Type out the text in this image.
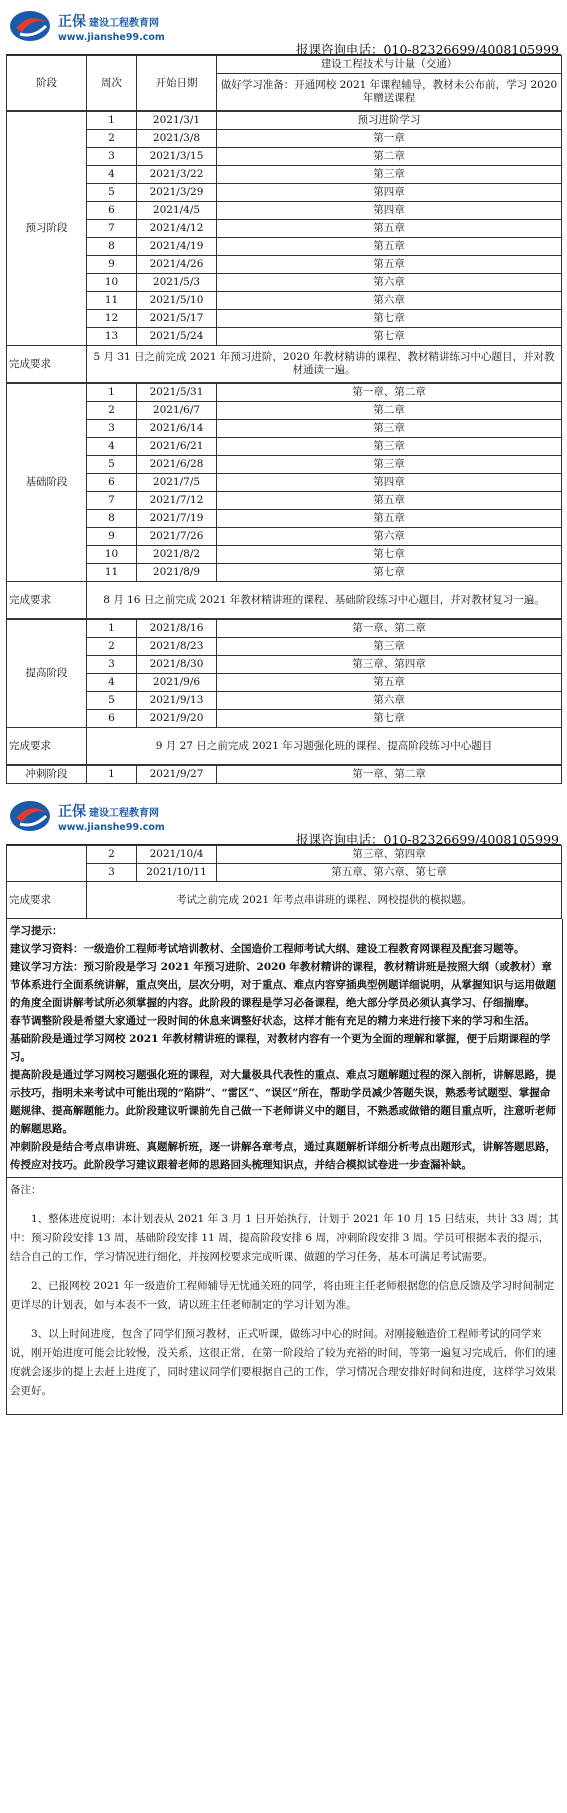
正保 建设工程教育网
www.jianshe99.com
报课咨询电话：010-82326699/4008105999
阶段	周次	开始日期	建设工程技术与计量（交通）
做好学习准备：开通网校 2021 年课程辅导，教材未公布前，学习 2020 年赠送课程
预习阶段	1	2021/3/1	预习进阶学习
	2	2021/3/8	第一章
	3	2021/3/15	第二章
	4	2021/3/22	第三章
	5	2021/3/29	第四章
	6	2021/4/5	第四章
	7	2021/4/12	第五章
	8	2021/4/19	第五章
	9	2021/4/26	第五章
	10	2021/5/3	第六章
	11	2021/5/10	第六章
	12	2021/5/17	第七章
	13	2021/5/24	第七章
完成要求	5 月 31 日之前完成 2021 年预习进阶，2020 年教材精讲的课程、教材精讲练习中心题目，并对教材通读一遍。		
基础阶段	1	2021/5/31	第一章、第二章
	2	2021/6/7	第二章
	3	2021/6/14	第三章
	4	2021/6/21	第三章
	5	2021/6/28	第三章
	6	2021/7/5	第四章
	7	2021/7/12	第五章
	8	2021/7/19	第五章
	9	2021/7/26	第六章
	10	2021/8/2	第七章
	11	2021/8/9	第七章
完成要求	8 月 16 日之前完成 2021 年教材精讲班的课程、基础阶段练习中心题目，并对教材复习一遍。		
提高阶段	1	2021/8/16	第一章、第二章
	2	2021/8/23	第三章
	3	2021/8/30	第三章、第四章
	4	2021/9/6	第五章
	5	2021/9/13	第六章
	6	2021/9/20	第七章
完成要求	9 月 27 日之前完成 2021 年习题强化班的课程、提高阶段练习中心题目		
冲刺阶段	1	2021/9/27	第一章、第二章
正保 建设工程教育网
www.jianshe99.com
报课咨询电话：010-82326699/4008105999
	2	2021/10/4	第三章、第四章
	3	2021/10/11	第五章、第六章、第七章
完成要求	考试之前完成 2021 年考点串讲班的课程、网校提供的模拟题。		

学习提示：

建议学习资料：一级造价工程师考试培训教材、全国造价工程师考试大纲、建设工程教育网课程及配套习题等。

建议学习方法：预习阶段是学习 2021 年预习进阶、2020 年教材精讲的课程，教材精讲班是按照大纲（或教材）章节体系进行全面系统讲解，重点突出，层次分明，对于重点、难点内容穿插典型例题详细说明，从掌握知识与运用做题的角度全面讲解考试所必须掌握的内容。此阶段的课程是学习必备课程，绝大部分学员必须认真学习、仔细揣摩。

春节调整阶段是希望大家通过一段时间的休息来调整好状态，这样才能有充足的精力来进行接下来的学习和生活。

基础阶段是通过学习网校 2021 年教材精讲班的课程，对教材内容有一个更为全面的理解和掌握，便于后期课程的学习。

提高阶段是通过学习网校习题强化班的课程，对大量极具代表性的重点、难点习题解题过程的深入剖析，讲解思路，提示技巧，指明未来考试中可能出现的“陷阱”、“雷区”、“误区”所在，帮助学员减少答题失误，熟悉考试题型、掌握命题规律、提高解题能力。此阶段建议听课前先自己做一下老师讲义中的题目，不熟悉或做错的题目重点听，注意听老师的解题思路。

冲刺阶段是结合考点串讲班、真题解析班，逐一讲解各章考点，通过真题解析详细分析考点出题形式，讲解答题思路，传授应对技巧。此阶段学习建议跟着老师的思路回头梳理知识点，并结合模拟试卷进一步查漏补缺。

备注：

1、整体进度说明：本计划表从 2021 年 3 月 1 日开始执行，计划于 2021 年 10 月 15 日结束，共计 33 周；其中：预习阶段安排 13 周，基础阶段安排 11 周，提高阶段安排 6 周，冲刺阶段安排 3 周。学员可根据本表的提示，结合自己的工作，学习情况进行细化，并按网校要求完成听课、做题的学习任务，基本可满足考试需要。

2、已报网校 2021 年一级造价工程师辅导无忧通关班的同学，将由班主任老师根据您的信息反馈及学习时间制定更详尽的计划表，如与本表不一致，请以班主任老师制定的学习计划为准。

3、以上时间进度，包含了同学们预习教材，正式听课，做练习中心的时间。对刚接触造价工程师考试的同学来说，刚开始进度可能会比较慢，没关系，这很正常，在第一阶段给了较为充裕的时间，等第一遍复习完成后，你们的速度就会逐步的提上去赶上进度了，同时建议同学们要根据自己的工作，学习情况合理安排好时间和进度，这样学习效果会更好。
